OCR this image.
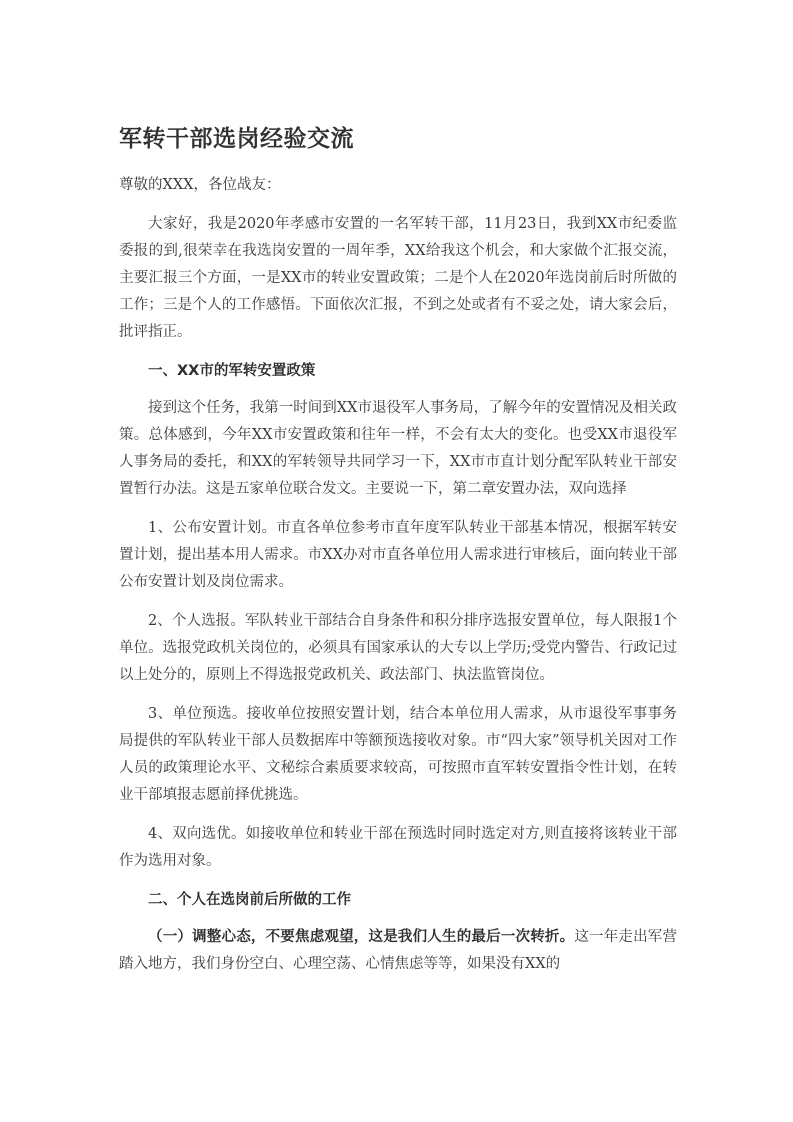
军转干部选岗经验交流

尊敬的XXX，各位战友：

大家好，我是2020年孝感市安置的一名军转干部，11月23日，我到XX市纪委监委报的到,很荣幸在我选岗安置的一周年季，XX给我这个机会，和大家做个汇报交流，主要汇报三个方面，一是XX市的转业安置政策；二是个人在2020年选岗前后时所做的工作；三是个人的工作感悟。下面依次汇报，不到之处或者有不妥之处，请大家会后，批评指正。

一、XX市的军转安置政策

接到这个任务，我第一时间到XX市退役军人事务局，了解今年的安置情况及相关政策。总体感到，今年XX市安置政策和往年一样，不会有太大的变化。也受XX市退役军人事务局的委托，和XX的军转领导共同学习一下，XX市市直计划分配军队转业干部安置暂行办法。这是五家单位联合发文。主要说一下，第二章安置办法，双向选择

1、公布安置计划。市直各单位参考市直年度军队转业干部基本情况，根据军转安置计划，提出基本用人需求。市XX办对市直各单位用人需求进行审核后，面向转业干部公布安置计划及岗位需求。

2、个人选报。军队转业干部结合自身条件和积分排序选报安置单位，每人限报1个单位。选报党政机关岗位的，必须具有国家承认的大专以上学历;受党内警告、行政记过以上处分的，原则上不得选报党政机关、政法部门、执法监管岗位。

3、单位预选。接收单位按照安置计划，结合本单位用人需求，从市退役军事事务局提供的军队转业干部人员数据库中等额预选接收对象。市“四大家”领导机关因对工作人员的政策理论水平、文秘综合素质要求较高，可按照市直军转安置指令性计划，在转业干部填报志愿前择优挑选。

4、双向选优。如接收单位和转业干部在预选时同时选定对方,则直接将该转业干部作为选用对象。

二、个人在选岗前后所做的工作

（一）调整心态，不要焦虑观望，这是我们人生的最后一次转折。这一年走出军营踏入地方，我们身份空白、心理空荡、心情焦虑等等，如果没有XX的
